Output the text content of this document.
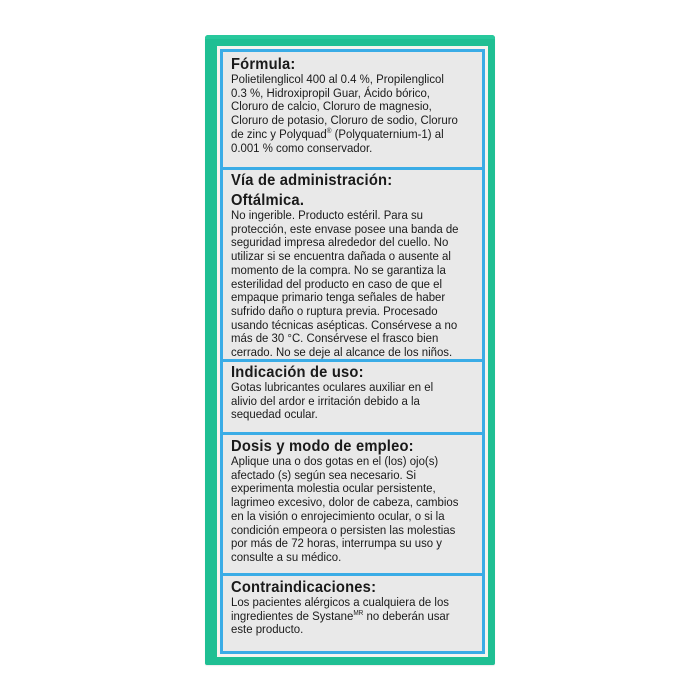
Fórmula:
Polietilenglicol 400 al 0.4 %, Propilenglicol
0.3 %, Hidroxipropil Guar, Ácido bórico,
Cloruro de calcio, Cloruro de magnesio,
Cloruro de potasio, Cloruro de sodio, Cloruro
de zinc y Polyquad® (Polyquaternium-1) al
0.001 % como conservador.
Vía de administración:
Oftálmica.
No ingerible. Producto estéril. Para su
protección, este envase posee una banda de
seguridad impresa alrededor del cuello. No
utilizar si se encuentra dañada o ausente al
momento de la compra. No se garantiza la
esterilidad del producto en caso de que el
empaque primario tenga señales de haber
sufrido daño o ruptura previa. Procesado
usando técnicas asépticas. Consérvese a no
más de 30 °C. Consérvese el frasco bien
cerrado. No se deje al alcance de los niños.
Indicación de uso:
Gotas lubricantes oculares auxiliar en el
alivio del ardor e irritación debido a la
sequedad ocular.
Dosis y modo de empleo:
Aplique una o dos gotas en el (los) ojo(s)
afectado (s) según sea necesario. Si
experimenta molestia ocular persistente,
lagrimeo excesivo, dolor de cabeza, cambios
en la visión o enrojecimiento ocular, o si la
condición empeora o persisten las molestias
por más de 72 horas, interrumpa su uso y
consulte a su médico.
Contraindicaciones:
Los pacientes alérgicos a cualquiera de los
ingredientes de Systane$^{MR}$ no deberán usar
este producto.
